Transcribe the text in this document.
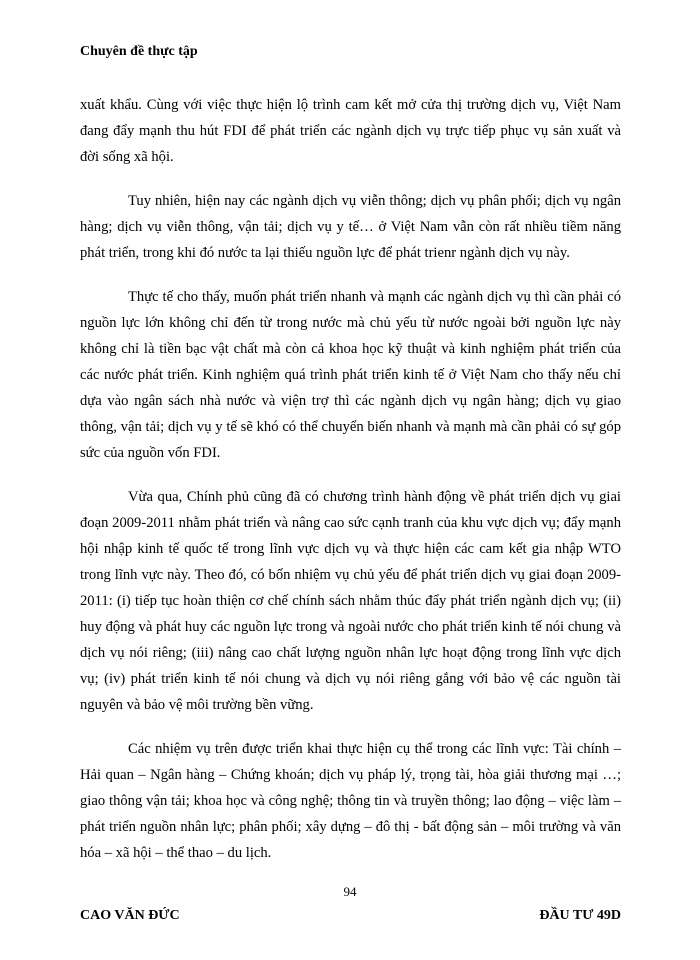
Chuyên đề thực tập

xuất khẩu. Cùng với việc thực hiện lộ trình cam kết mở cửa thị trường dịch vụ, Việt Nam đang đẩy mạnh thu hút FDI để phát triển các ngành dịch vụ trực tiếp phục vụ sản xuất và đời sống xã hội.

Tuy nhiên, hiện nay các ngành dịch vụ viễn thông; dịch vụ phân phối; dịch vụ ngân hàng; dịch vụ viễn thông, vận tải; dịch vụ y tế… ở Việt Nam vẫn còn rất nhiều tiềm năng phát triển, trong khi đó nước ta lại thiếu nguồn lực để phát trienr ngành dịch vụ này.

Thực tế cho thấy, muốn phát triển nhanh và mạnh các ngành dịch vụ thì cần phải có nguồn lực lớn không chỉ đến từ trong nước mà chủ yếu từ nước ngoài bởi nguồn lực này không chỉ là tiền bạc vật chất mà còn cả khoa học kỹ thuật và kinh nghiệm phát triển của các nước phát triển. Kinh nghiệm quá trình phát triển kinh tế ở Việt Nam cho thấy nếu chỉ dựa vào ngân sách nhà nước và viện trợ thì các ngành dịch vụ ngân hàng; dịch vụ giao thông, vận tải; dịch vụ y tế sẽ khó có thể chuyển biến nhanh và mạnh mà cần phải có sự góp sức của nguồn vốn FDI.

Vừa qua, Chính phủ cũng đã có chương trình hành động về phát triển dịch vụ giai đoạn 2009-2011 nhằm phát triển và nâng cao sức cạnh tranh của khu vực dịch vụ; đẩy mạnh hội nhập kinh tế quốc tế trong lĩnh vực dịch vụ và thực hiện các cam kết gia nhập WTO trong lĩnh vực này. Theo đó, có bốn nhiệm vụ chủ yếu để phát triển dịch vụ giai đoạn 2009-2011: (i) tiếp tục hoàn thiện cơ chế chính sách nhằm thúc đẩy phát triển ngành dịch vụ; (ii) huy động và phát huy các nguồn lực trong và ngoài nước cho phát triển kinh tế nói chung và dịch vụ nói riêng; (iii) nâng cao chất lượng nguồn nhân lực hoạt động trong lĩnh vực dịch vụ; (iv) phát triển kinh tế nói chung và dịch vụ nói riêng gắng với bảo vệ các nguồn tài nguyên và bảo vệ môi trường bền vững.

Các nhiệm vụ trên được triển khai thực hiện cụ thể trong các lĩnh vực: Tài chính – Hải quan – Ngân hàng – Chứng khoán; dịch vụ pháp lý, trọng tài, hòa giải thương mại …; giao thông vận tải; khoa học và công nghệ; thông tin và truyền thông; lao động – việc làm – phát triển nguồn nhân lực; phân phối; xây dựng – đô thị - bất động sản – môi trường và văn hóa – xã hội – thể thao – du lịch.

94
CAO VĂN ĐỨC	ĐẦU TƯ 49D
